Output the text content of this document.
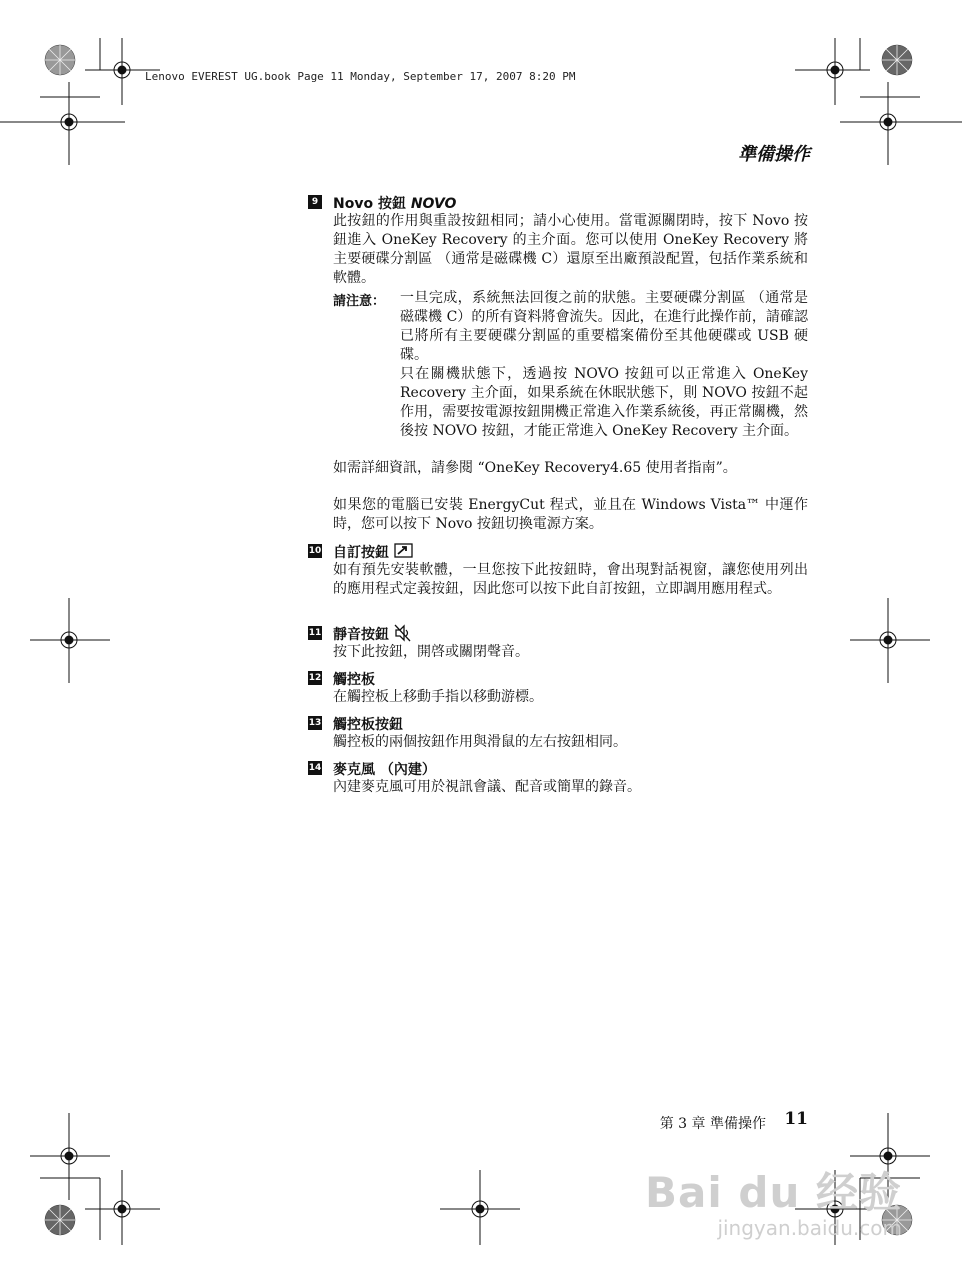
Lenovo EVEREST UG.book Page 11 Monday, September 17, 2007 8:20 PM
準備操作
9 Novo 按鈕 NOVO
此按鈕的作用與重設按鈕相同；請小心使用。當電源關閉時，按下 Novo 按鈕進入 OneKey Recovery 的主介面。您可以使用 OneKey Recovery 將主要硬碟分割區 （通常是磁碟機 C）還原至出廠預設配置，包括作業系統和軟體。
請注意： 一旦完成，系統無法回復之前的狀態。主要硬碟分割區 （通常是磁碟機 C）的所有資料將會流失。因此，在進行此操作前，請確認已將所有主要硬碟分割區的重要檔案備份至其他硬碟或 USB 硬碟。
只在關機狀態下，透過按 NOVO 按鈕可以正常進入 OneKey Recovery 主介面，如果系統在休眠狀態下，則 NOVO 按鈕不起作用，需要按電源按鈕開機正常進入作業系統後，再正常關機，然後按 NOVO 按鈕，才能正常進入 OneKey Recovery 主介面。
如需詳細資訊，請參閱 “OneKey Recovery4.65 使用者指南”。
如果您的電腦已安裝 EnergyCut 程式，並且在 Windows Vista™ 中運作時，您可以按下 Novo 按鈕切換電源方案。
10 自訂按鈕
如有預先安裝軟體，一旦您按下此按鈕時，會出現對話視窗，讓您使用列出的應用程式定義按鈕，因此您可以按下此自訂按鈕，立即調用應用程式。
11 靜音按鈕
按下此按鈕，開啓或關閉聲音。
12 觸控板
在觸控板上移動手指以移動游標。
13 觸控板按鈕
觸控板的兩個按鈕作用與滑鼠的左右按鈕相同。
14 麥克風 （內建）
內建麥克風可用於視訊會議、配音或簡單的錄音。
第 3 章 準備操作 11
Bai du 经验
jingyan.baidu.com
